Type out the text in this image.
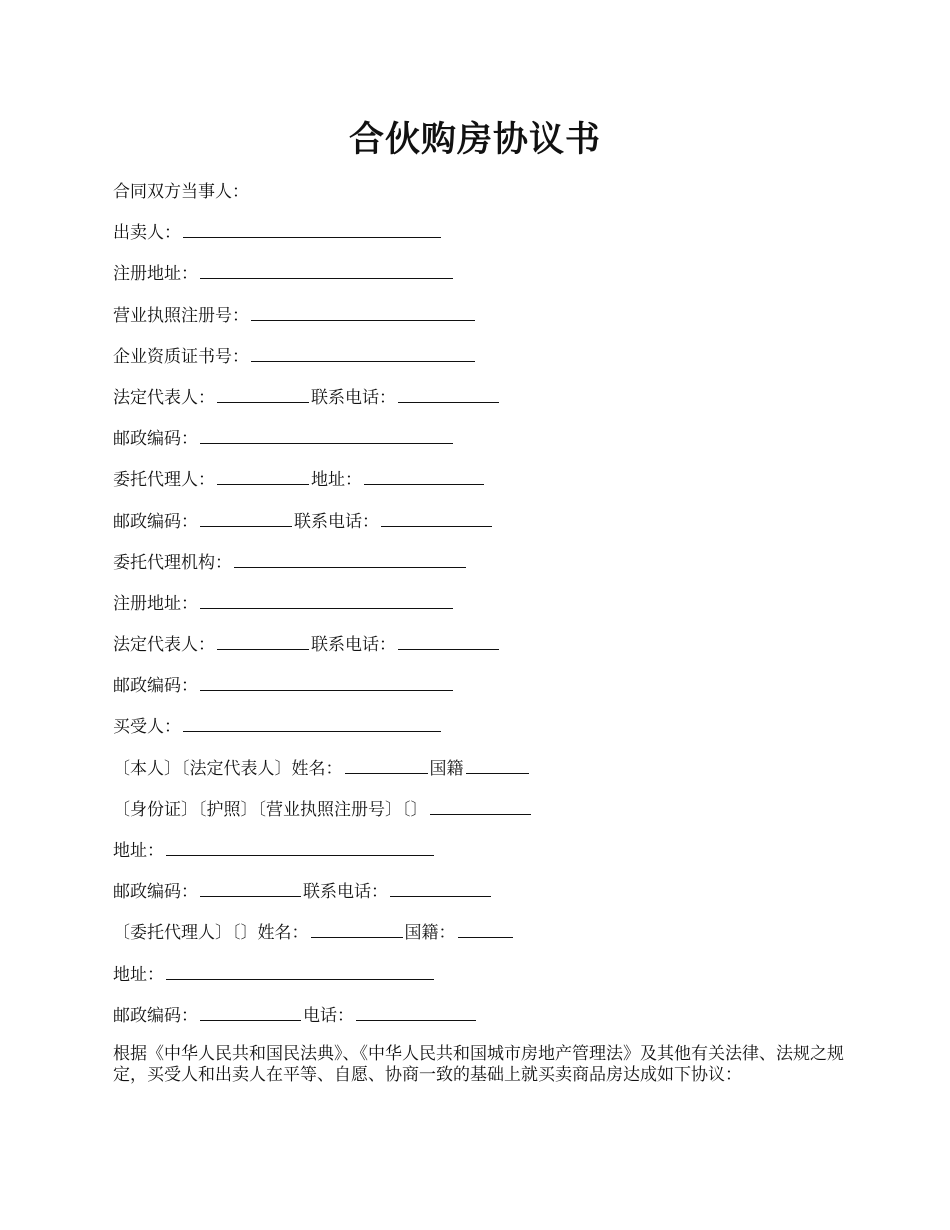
合伙购房协议书
合同双方当事人：
出卖人：
注册地址：
营业执照注册号：
企业资质证书号：
法定代表人：	联系电话：
邮政编码：
委托代理人：	地址：
邮政编码：	联系电话：
委托代理机构：
注册地址：
法定代表人：	联系电话：
邮政编码：
买受人：
〔本人〕〔法定代表人〕姓名：	国籍
〔身份证〕〔护照〕〔营业执照注册号〕〔〕
地址：
邮政编码：	联系电话：
〔委托代理人〕〔〕姓名：	国籍：
地址：
邮政编码：	电话：
根据《中华人民共和国民法典》、《中华人民共和国城市房地产管理法》及其他有关法律、法规之规定，买受人和出卖人在平等、自愿、协商一致的基础上就买卖商品房达成如下协议：
